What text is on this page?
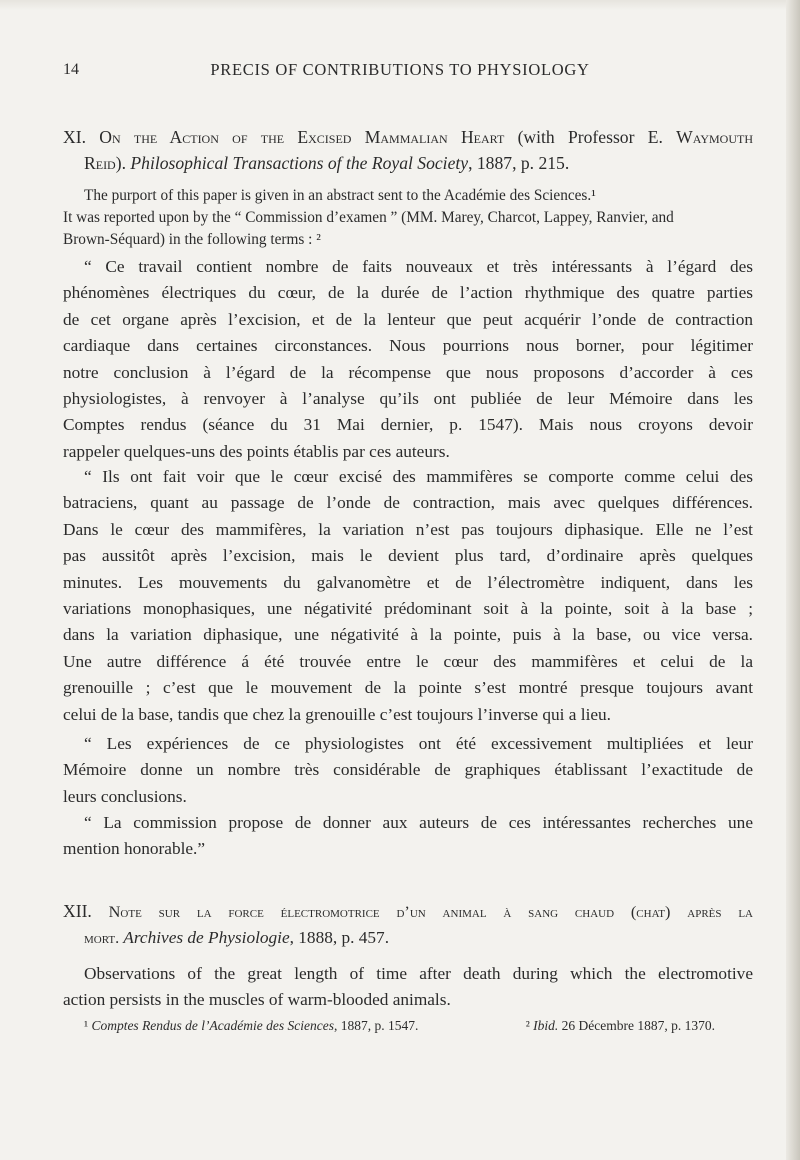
14	PRECIS OF CONTRIBUTIONS TO PHYSIOLOGY
XI. On the Action of the Excised Mammalian Heart (with Professor E. Waymouth
Reid). Philosophical Transactions of the Royal Society, 1887, p. 215.
The purport of this paper is given in an abstract sent to the Académie des Sciences.¹
It was reported upon by the “ Commission d’examen ” (MM. Marey, Charcot, Lappey, Ranvier, and
Brown-Séquard) in the following terms : ²
“ Ce travail contient nombre de faits nouveaux et très intéressants à l’égard des
phénomènes électriques du cœur, de la durée de l’action rhythmique des quatre parties
de cet organe après l’excision, et de la lenteur que peut acquérir l’onde de contraction
cardiaque dans certaines circonstances. Nous pourrions nous borner, pour légitimer
notre conclusion à l’égard de la récompense que nous proposons d’accorder à ces
physiologistes, à renvoyer à l’analyse qu’ils ont publiée de leur Mémoire dans les
Comptes rendus (séance du 31 Mai dernier, p. 1547). Mais nous croyons devoir
rappeler quelques-uns des points établis par ces auteurs.
“ Ils ont fait voir que le cœur excisé des mammifères se comporte comme celui des
batraciens, quant au passage de l’onde de contraction, mais avec quelques différences.
Dans le cœur des mammifères, la variation n’est pas toujours diphasique. Elle ne l’est
pas aussitôt après l’excision, mais le devient plus tard, d’ordinaire après quelques
minutes. Les mouvements du galvanomètre et de l’électromètre indiquent, dans les
variations monophasiques, une négativité prédominant soit à la pointe, soit à la base ;
dans la variation diphasique, une négativité à la pointe, puis à la base, ou vice versa.
Une autre différence á été trouvée entre le cœur des mammifères et celui de la
grenouille ; c’est que le mouvement de la pointe s’est montré presque toujours avant
celui de la base, tandis que chez la grenouille c’est toujours l’inverse qui a lieu.
“ Les expériences de ce physiologistes ont été excessivement multipliées et leur
Mémoire donne un nombre très considérable de graphiques établissant l’exactitude de
leurs conclusions.
“ La commission propose de donner aux auteurs de ces intéressantes recherches une
mention honorable.”
XII. Note sur la force électromotrice d’un animal à sang chaud (chat) après la
mort. Archives de Physiologie, 1888, p. 457.
Observations of the great length of time after death during which the electromotive
action persists in the muscles of warm-blooded animals.
¹ Comptes Rendus de l’Académie des Sciences, 1887, p. 1547.	² Ibid. 26 Décembre 1887, p. 1370.
